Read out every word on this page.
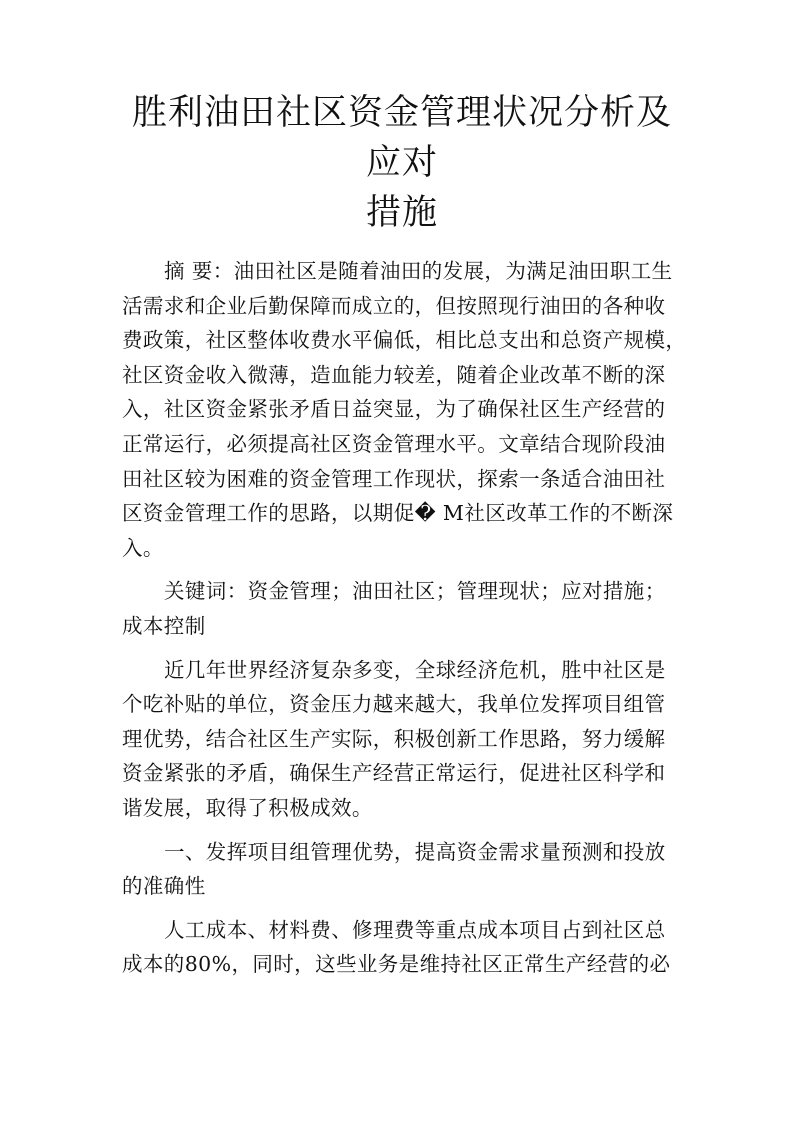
胜利油田社区资金管理状况分析及应对
措施

摘 要：油田社区是随着油田的发展，为满足油田职工生
活需求和企业后勤保障而成立的，但按照现行油田的各种收
费政策，社区整体收费水平偏低，相比总支出和总资产规模，
社区资金收入微薄，造血能力较差，随着企业改革不断的深
入，社区资金紧张矛盾日益突显，为了确保社区生产经营的
正常运行，必须提高社区资金管理水平。文章结合现阶段油
田社区较为困难的资金管理工作现状，探索一条适合油田社
区资金管理工作的思路，以期促� M社区改革工作的不断深
入。

关键词：资金管理；油田社区；管理现状；应对措施；
成本控制

近几年世界经济复杂多变，全球经济危机，胜中社区是
个吃补贴的单位，资金压力越来越大，我单位发挥项目组管
理优势，结合社区生产实际，积极创新工作思路，努力缓解
资金紧张的矛盾，确保生产经营正常运行，促进社区科学和
谐发展，取得了积极成效。

一、发挥项目组管理优势，提高资金需求量预测和投放
的准确性

人工成本、材料费、修理费等重点成本项目占到社区总
成本的80%，同时，这些业务是维持社区正常生产经营的必
